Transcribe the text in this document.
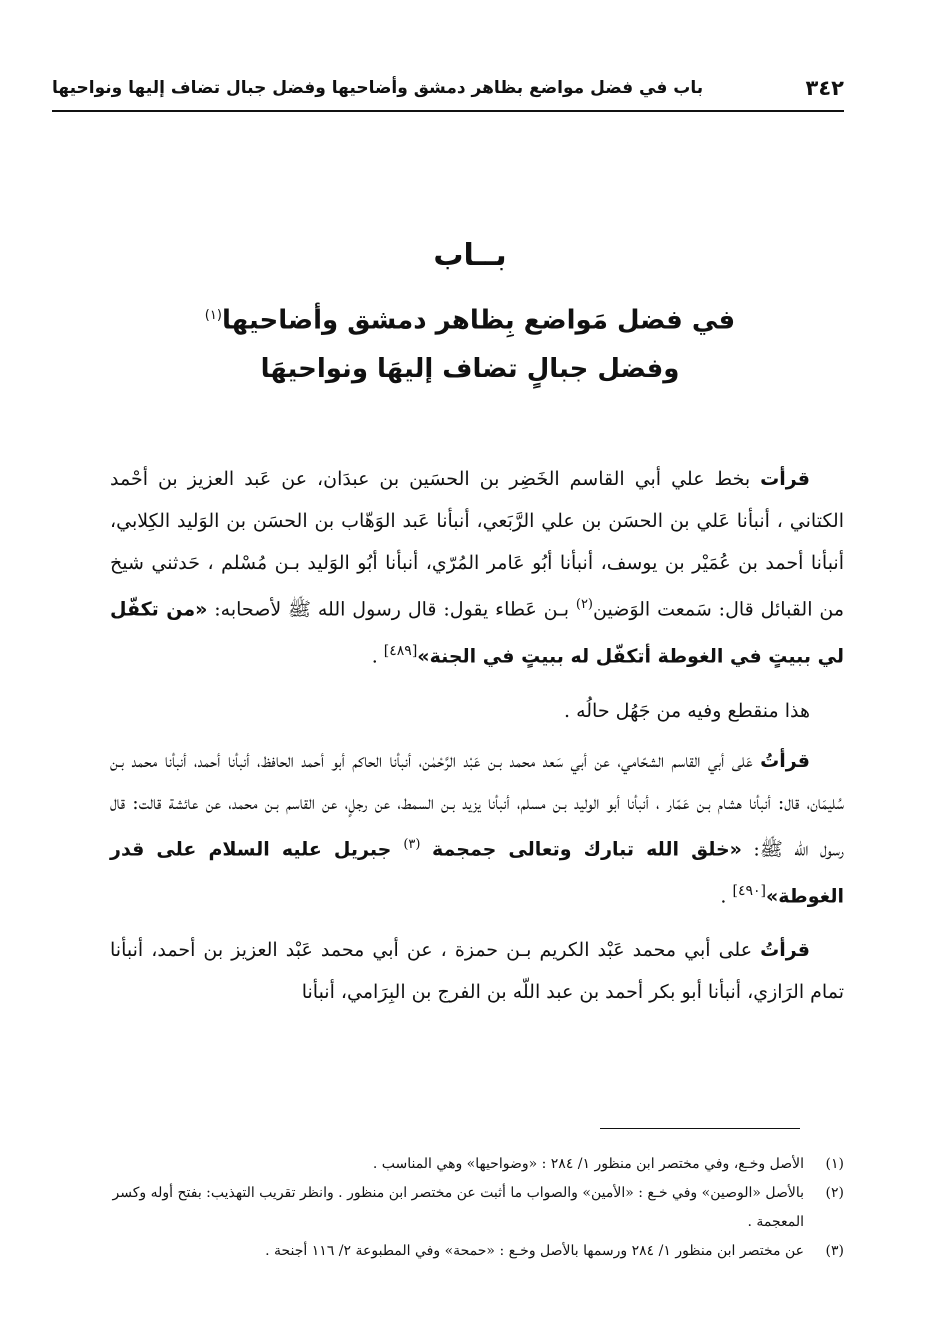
٣٤٢
باب في فضل مواضع بظاهر دمشق وأضاحيها وفضل جبال تضاف إليها ونواحيها
بــاب
في فضل مَواضع بِظاهر دمشق وأضاحيها$^{(١)}$
وفضل جبالٍ تضاف إليهَا ونواحيهَا

قرأت بخط علي أبي القاسم الخَضِر بن الحسَين بن عبدَان، عن عَبد العزيز بن أحْمد الكتاني ، أنبأنا عَلي بن الحسَن بن علي الرَّبَعي، أنبأنا عَبد الوَهّاب بن الحسَن بن الوَليد الكِلابي، أنبأنا أحمد بن عُمَيْر بن يوسف، أنبأنا أبُو عَامر المُرّي، أنبأنا أبُو الوَليد بـن مُسْلم ، حَدثني شيخ من القبائل قال: سَمعت الوَضين$^{(٢)}$ بـن عَطاء يقول: قال رسول الله ﷺ لأصحابه: «من تكفّل لي ببيتٍ في الغوطة أتكفّل له ببيتٍ في الجنة»[٤٨٩] .

هذا منقطع وفيه من جَهُل حالُه .

قرأتُ عَلى أبي القاسم الشحّامي، عن أبي سَعد محمد بـن عَبْد الرَّحْمٰن، أنبأنا الحاكم أبو أحمد الحافظ، أنبأنا أحمد، أنبأنا محمد بـن سُليمَان، قال: أنبأنا هشام بـن عَمّار ، أنبأنا أبو الوليد بـن مسلم، أنبأنا يزيد بـن السمط، عن رجلٍ، عن القاسم بـن محمد، عن عائشة قالت: قال رسول الله ﷺ: «خلق الله تبارك وتعالى جمجمة $^{(٣)}$ جبريل عليه السلام على قدر الغوطة»[٤٩٠] .

قرأتُ على أبي محمد عَبْد الكريم بـن حمزة ، عن أبي محمد عَبْد العزيز بن أحمد، أنبأنا تمام الرَازي، أنبأنا أبو بكر أحمد بن عبد اللّه بن الفرج بن البِرَامي، أنبأنا

(١)
الأصل وخـع، وفي مختصر ابن منظور ١/ ٢٨٤ : «وضواحيها» وهي المناسب .
(٢)
بالأصل «الوصين» وفي خـع : «الأمين» والصواب ما أثبت عن مختصر ابن منظور . وانظر تقريب التهذيب: بفتح أوله وكسر المعجمة .
(٣)
عن مختصر ابن منظور ١/ ٢٨٤ ورسمها بالأصل وخـع : «حمحة» وفي المطبوعة ٢/ ١١٦ أجنحة .
